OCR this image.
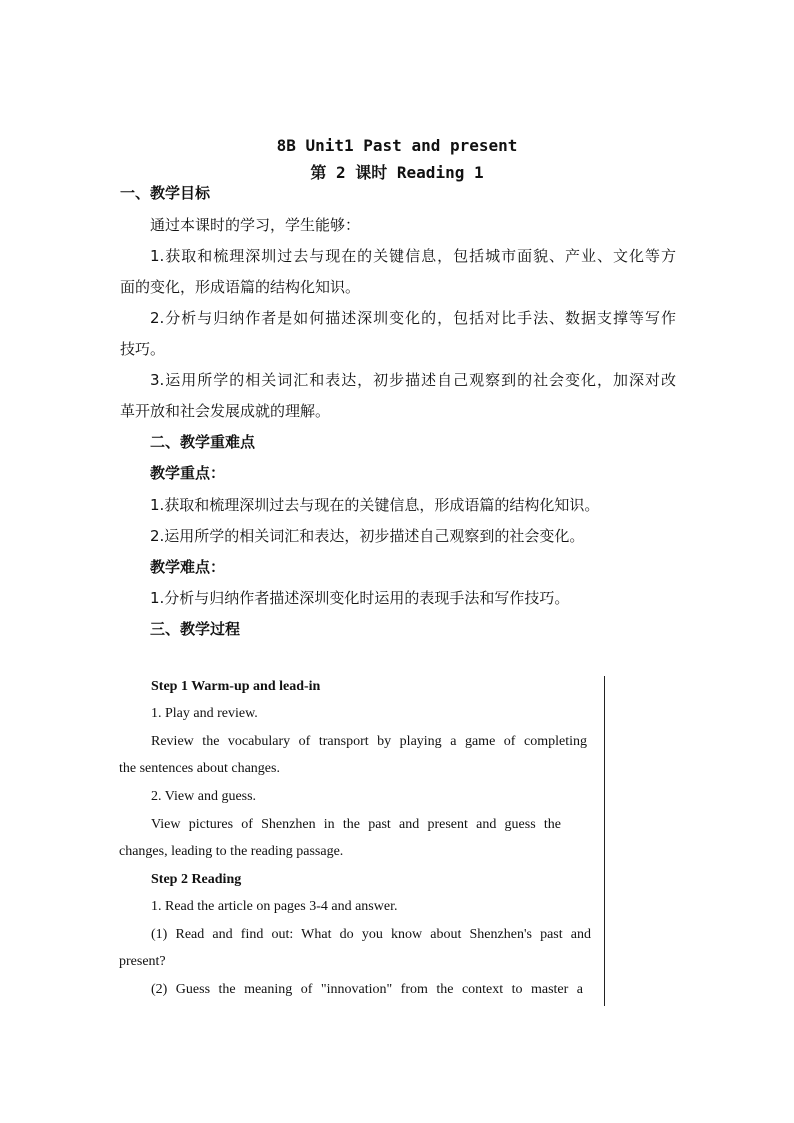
8B Unit1 Past and present
第 2 课时 Reading 1
一、教学目标
通过本课时的学习，学生能够：
1.获取和梳理深圳过去与现在的关键信息，包括城市面貌、产业、文化等方
面的变化，形成语篇的结构化知识。
2.分析与归纳作者是如何描述深圳变化的，包括对比手法、数据支撑等写作
技巧。
3.运用所学的相关词汇和表达，初步描述自己观察到的社会变化，加深对改
革开放和社会发展成就的理解。
二、教学重难点
教学重点：
1.获取和梳理深圳过去与现在的关键信息，形成语篇的结构化知识。
2.运用所学的相关词汇和表达，初步描述自己观察到的社会变化。
教学难点：
1.分析与归纳作者描述深圳变化时运用的表现手法和写作技巧。
三、教学过程
Step 1 Warm-up and lead-in
1. Play and review.
Review the vocabulary of transport by playing a game of completing
the sentences about changes.
2. View and guess.
View pictures of Shenzhen in the past and present and guess the
changes, leading to the reading passage.
Step 2 Reading
1. Read the article on pages 3-4 and answer.
(1) Read and find out: What do you know about Shenzhen's past and
present?
(2) Guess the meaning of "innovation" from the context to master a
